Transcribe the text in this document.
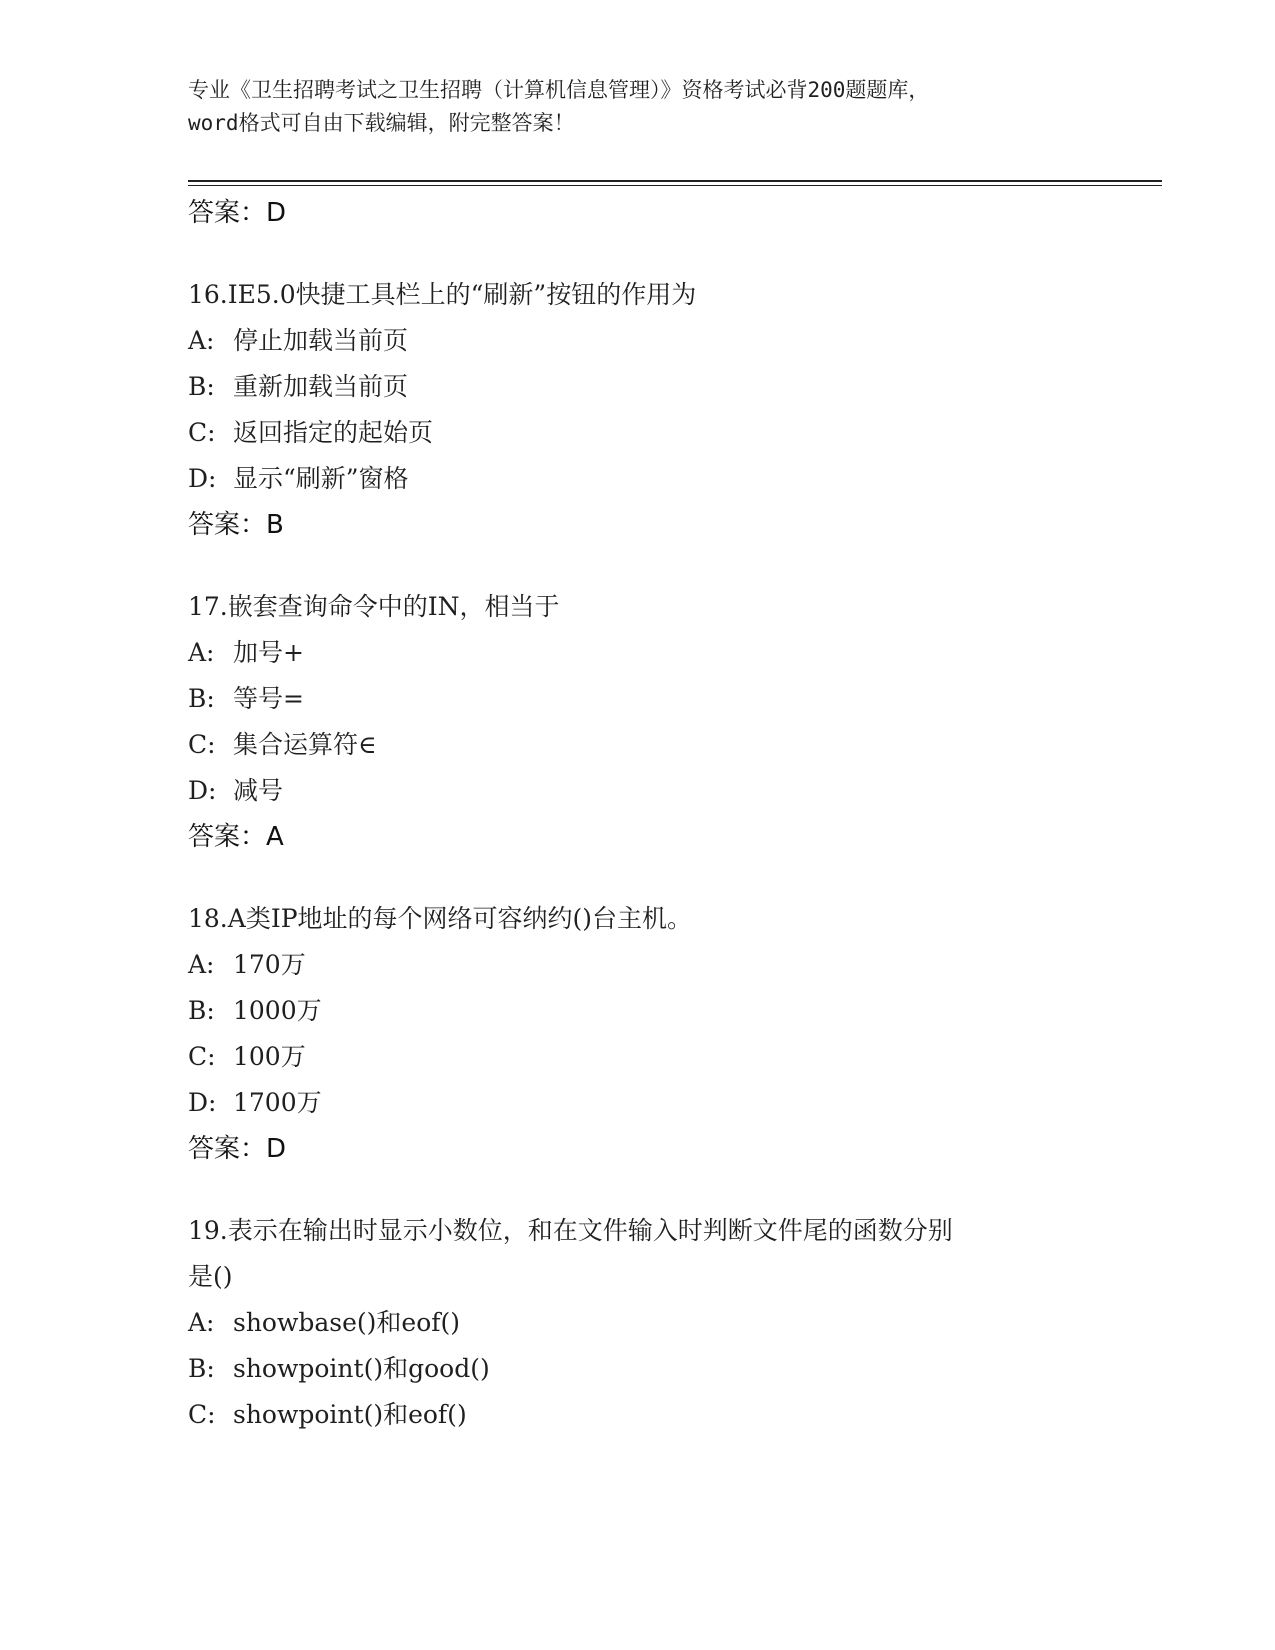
专业《卫生招聘考试之卫生招聘（计算机信息管理）》资格考试必背200题题库，
word格式可自由下载编辑，附完整答案！
答案：D
16.IE5.0快捷工具栏上的“刷新”按钮的作用为
A: 停止加载当前页
B: 重新加载当前页
C: 返回指定的起始页
D: 显示“刷新”窗格
答案：B
17.嵌套查询命令中的IN，相当于
A: 加号+
B: 等号=
C: 集合运算符∈
D: 减号
答案：A
18.A类IP地址的每个网络可容纳约()台主机。
A: 170万
B: 1000万
C: 100万
D: 1700万
答案：D
19.表示在输出时显示小数位，和在文件输入时判断文件尾的函数分别
是()
A: showbase()和eof()
B: showpoint()和good()
C: showpoint()和eof()
